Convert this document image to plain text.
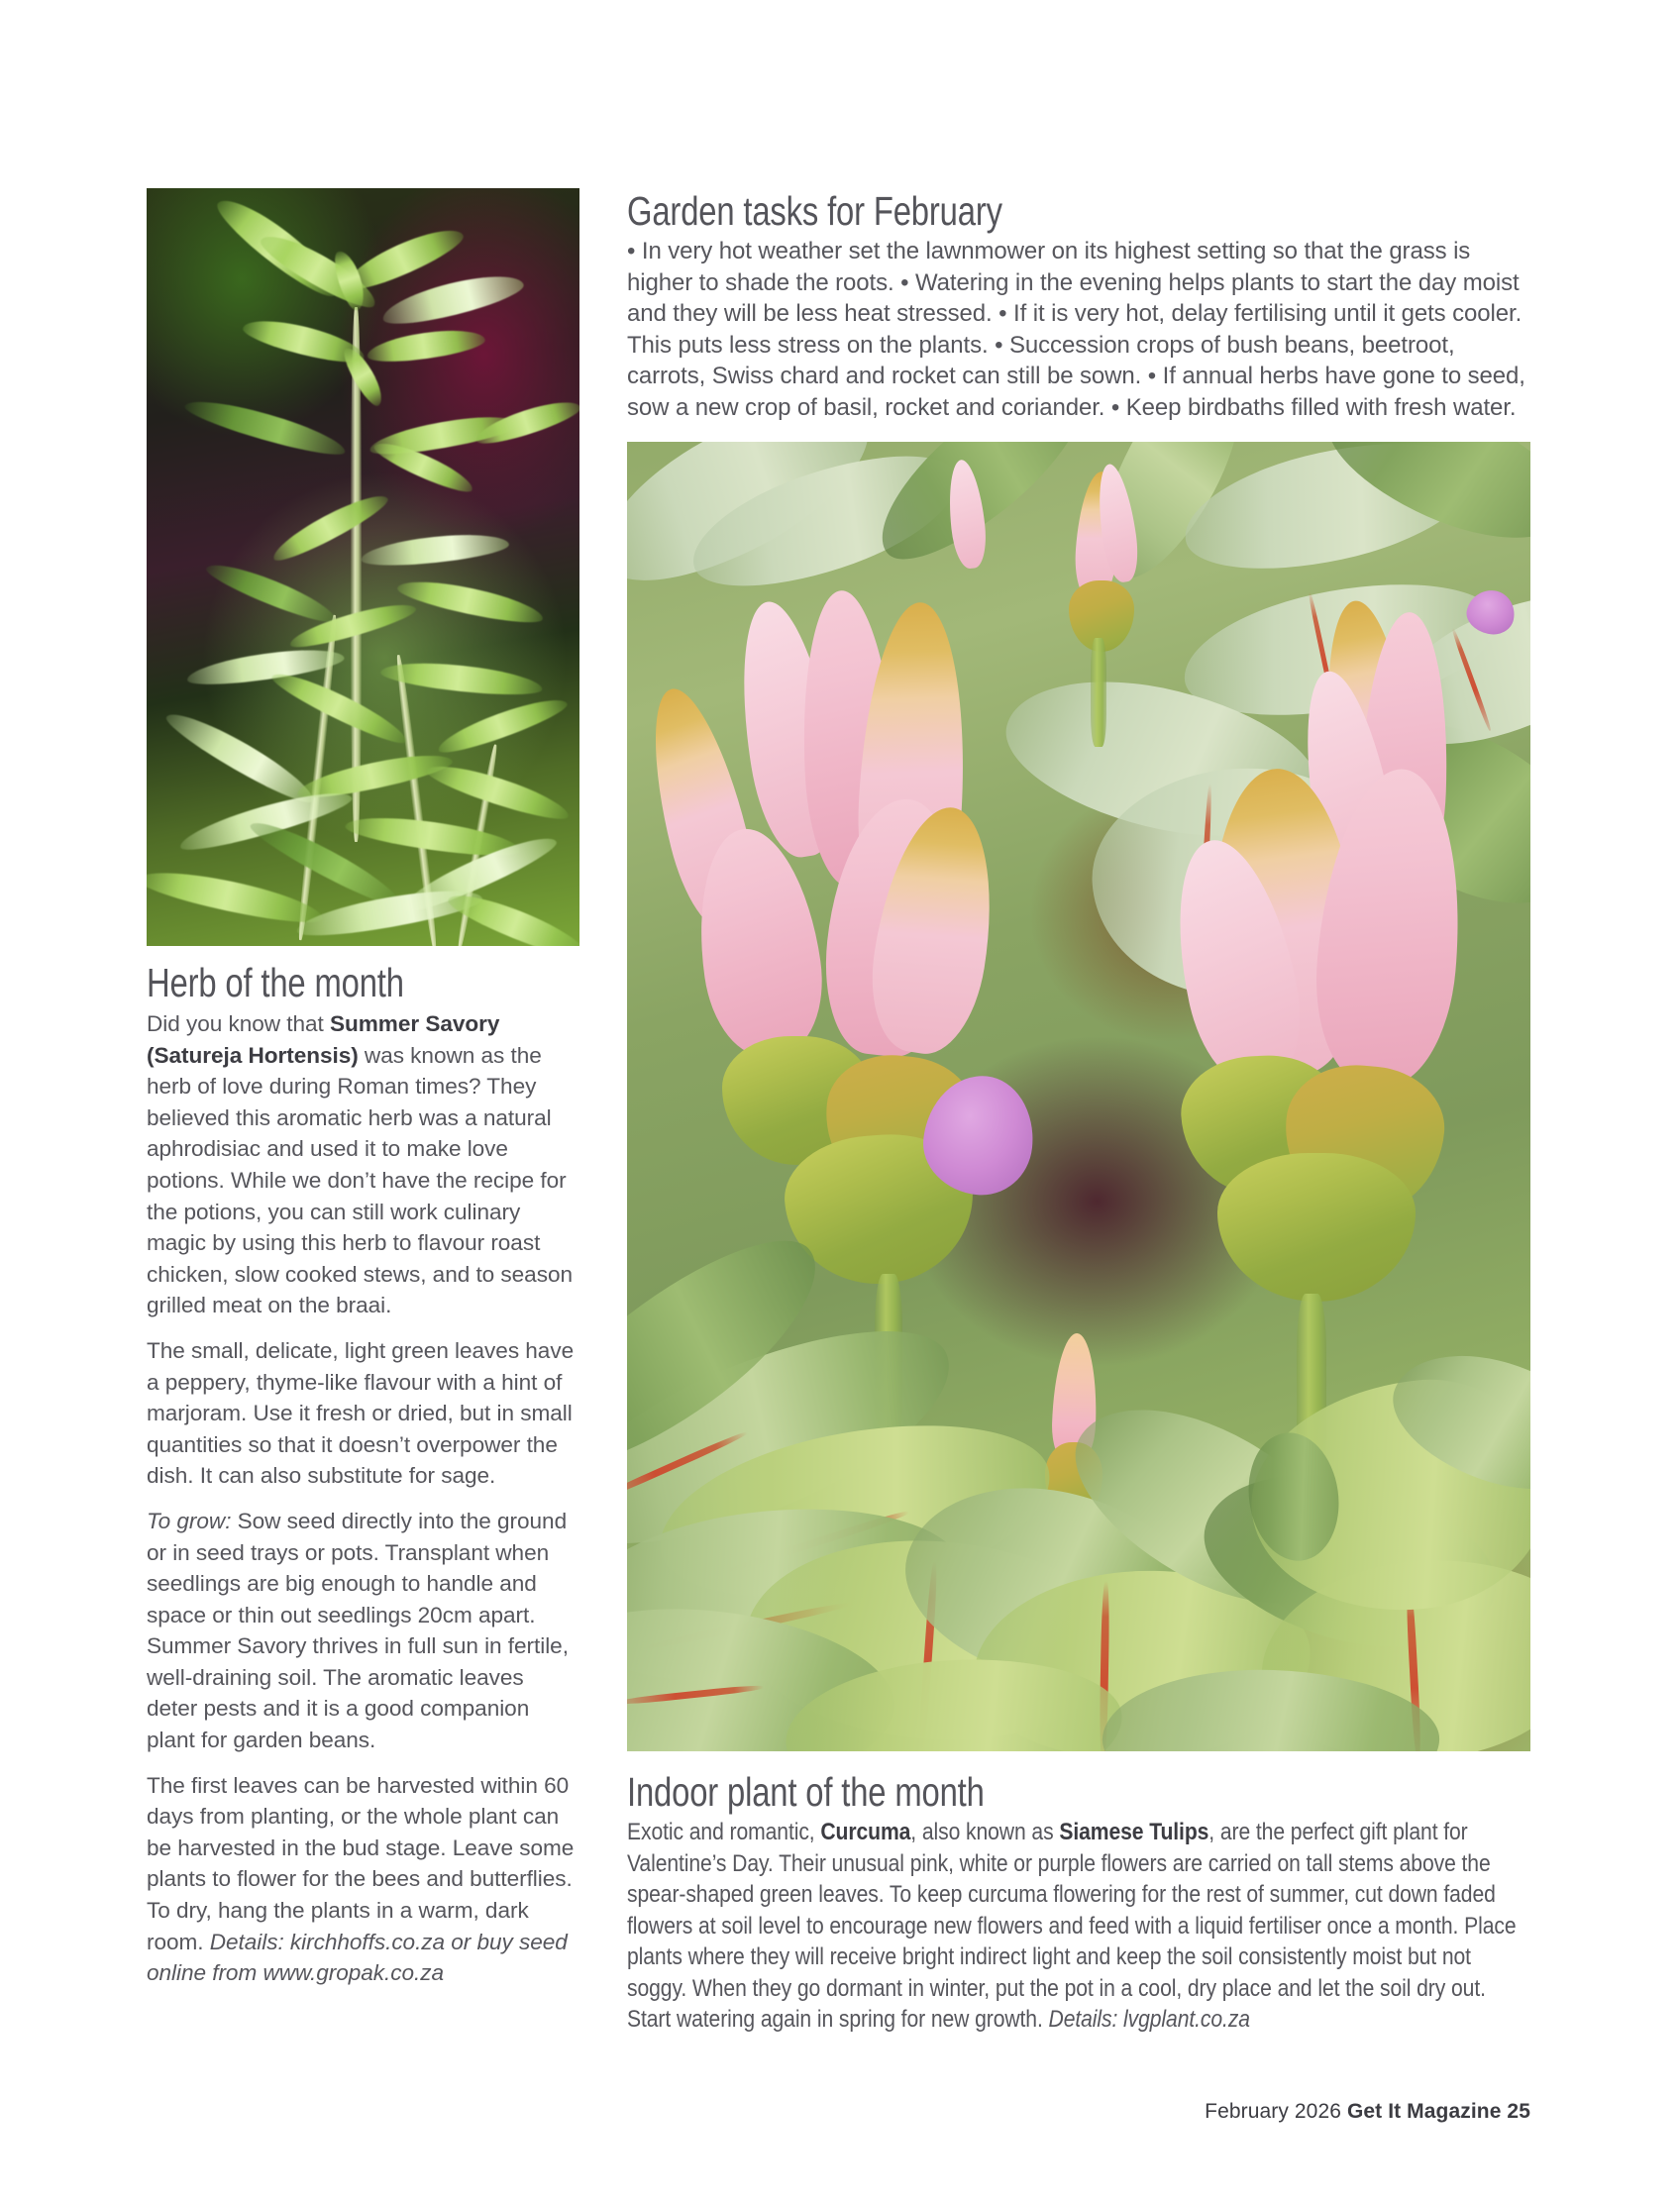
Herb of the month

Did you know that Summer Savory (Satureja Hortensis) was known as the herb of love during Roman times? They believed this aromatic herb was a natural aphrodisiac and used it to make love potions. While we don’t have the recipe for the potions, you can still work culinary magic by using this herb to flavour roast chicken, slow cooked stews, and to season grilled meat on the braai.

The small, delicate, light green leaves have a peppery, thyme-like flavour with a hint of marjoram. Use it fresh or dried, but in small quantities so that it doesn’t overpower the dish. It can also substitute for sage.

To grow: Sow seed directly into the ground or in seed trays or pots. Transplant when seedlings are big enough to handle and space or thin out seedlings 20cm apart. Summer Savory thrives in full sun in fertile, well-draining soil. The aromatic leaves deter pests and it is a good companion plant for garden beans.

The first leaves can be harvested within 60 days from planting, or the whole plant can be harvested in the bud stage. Leave some plants to flower for the bees and butterflies. To dry, hang the plants in a warm, dark room. Details: kirchhoffs.co.za or buy seed online from www.gropak.co.za

Garden tasks for February

• In very hot weather set the lawnmower on its highest setting so that the grass is higher to shade the roots. • Watering in the evening helps plants to start the day moist and they will be less heat stressed. • If it is very hot, delay fertilising until it gets cooler. This puts less stress on the plants. • Succession crops of bush beans, beetroot, carrots, Swiss chard and rocket can still be sown. • If annual herbs have gone to seed, sow a new crop of basil, rocket and coriander. • Keep birdbaths filled with fresh water.

Indoor plant of the month

Exotic and romantic, Curcuma, also known as Siamese Tulips, are the perfect gift plant for Valentine’s Day. Their unusual pink, white or purple flowers are carried on tall stems above the spear-shaped green leaves. To keep curcuma flowering for the rest of summer, cut down faded flowers at soil level to encourage new flowers and feed with a liquid fertiliser once a month. Place plants where they will receive bright indirect light and keep the soil consistently moist but not soggy. When they go dormant in winter, put the pot in a cool, dry place and let the soil dry out. Start watering again in spring for new growth. Details: lvgplant.co.za

February 2026 Get It Magazine 25
